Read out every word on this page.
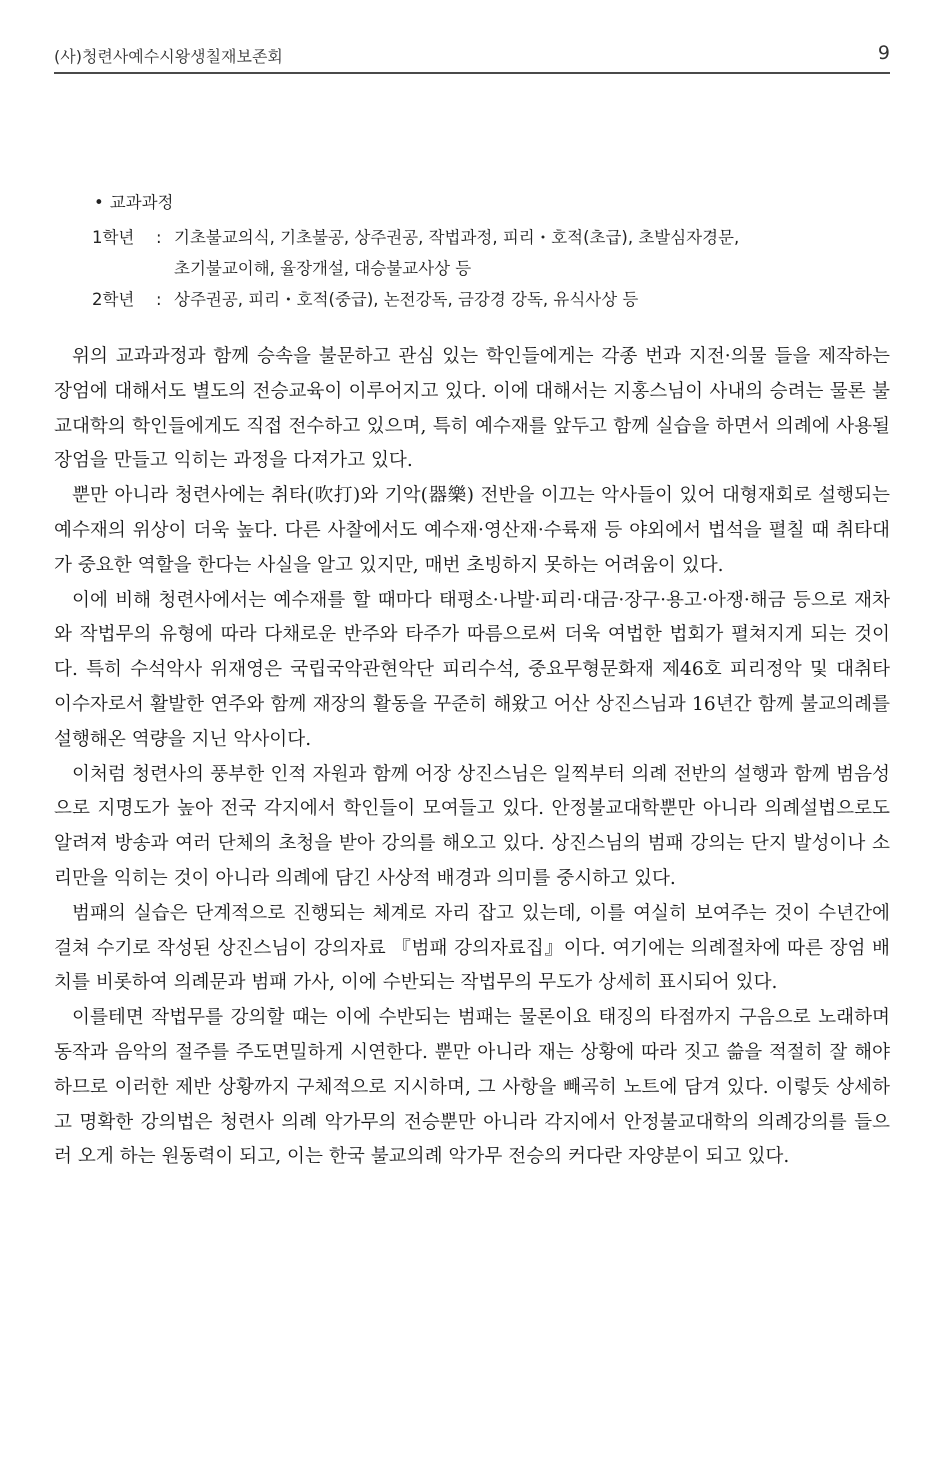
(사)청련사예수시왕생칠재보존회	9
• 교과과정
1학년	: 기초불교의식, 기초불공, 상주권공, 작법과정, 피리・호적(초급), 초발심자경문,
초기불교이해, 율장개설, 대승불교사상 등
2학년	: 상주권공, 피리・호적(중급), 논전강독, 금강경 강독, 유식사상 등

위의 교과과정과 함께 승속을 불문하고 관심 있는 학인들에게는 각종 번과 지전·의물 들을 제작하는 장엄에 대해서도 별도의 전승교육이 이루어지고 있다. 이에 대해서는 지홍스님이 사내의 승려는 물론 불교대학의 학인들에게도 직접 전수하고 있으며, 특히 예수재를 앞두고 함께 실습을 하면서 의례에 사용될 장엄을 만들고 익히는 과정을 다져가고 있다.

뿐만 아니라 청련사에는 취타(吹打)와 기악(器樂) 전반을 이끄는 악사들이 있어 대형재회로 설행되는 예수재의 위상이 더욱 높다. 다른 사찰에서도 예수재·영산재·수륙재 등 야외에서 법석을 펼칠 때 취타대가 중요한 역할을 한다는 사실을 알고 있지만, 매번 초빙하지 못하는 어려움이 있다.

이에 비해 청련사에서는 예수재를 할 때마다 태평소·나발·피리·대금·장구·용고·아쟁·해금 등으로 재차와 작법무의 유형에 따라 다채로운 반주와 타주가 따름으로써 더욱 여법한 법회가 펼쳐지게 되는 것이다. 특히 수석악사 위재영은 국립국악관현악단 피리수석, 중요무형문화재 제46호 피리정악 및 대취타 이수자로서 활발한 연주와 함께 재장의 활동을 꾸준히 해왔고 어산 상진스님과 16년간 함께 불교의례를 설행해온 역량을 지닌 악사이다.

이처럼 청련사의 풍부한 인적 자원과 함께 어장 상진스님은 일찍부터 의례 전반의 설행과 함께 범음성으로 지명도가 높아 전국 각지에서 학인들이 모여들고 있다. 안정불교대학뿐만 아니라 의례설법으로도 알려져 방송과 여러 단체의 초청을 받아 강의를 해오고 있다. 상진스님의 범패 강의는 단지 발성이나 소리만을 익히는 것이 아니라 의례에 담긴 사상적 배경과 의미를 중시하고 있다.

범패의 실습은 단계적으로 진행되는 체계로 자리 잡고 있는데, 이를 여실히 보여주는 것이 수년간에 걸쳐 수기로 작성된 상진스님이 강의자료 『범패 강의자료집』이다. 여기에는 의례절차에 따른 장엄 배치를 비롯하여 의례문과 범패 가사, 이에 수반되는 작법무의 무도가 상세히 표시되어 있다.

이를테면 작법무를 강의할 때는 이에 수반되는 범패는 물론이요 태징의 타점까지 구음으로 노래하며 동작과 음악의 절주를 주도면밀하게 시연한다. 뿐만 아니라 재는 상황에 따라 짓고 쓺을 적절히 잘 해야 하므로 이러한 제반 상황까지 구체적으로 지시하며, 그 사항을 빼곡히 노트에 담겨 있다. 이렇듯 상세하고 명확한 강의법은 청련사 의례 악가무의 전승뿐만 아니라 각지에서 안정불교대학의 의례강의를 들으러 오게 하는 원동력이 되고, 이는 한국 불교의례 악가무 전승의 커다란 자양분이 되고 있다.
